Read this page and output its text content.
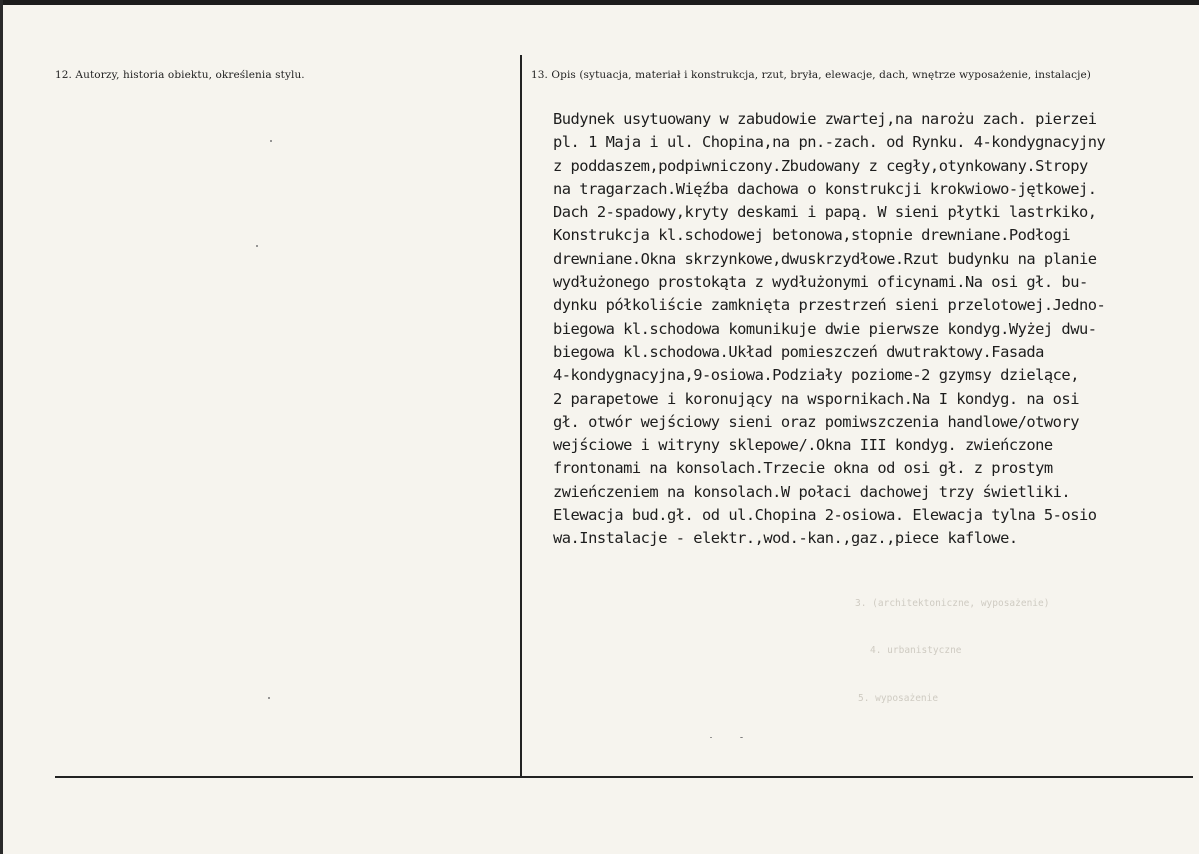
12. Autorzy, historia obiektu, określenia stylu.	13. Opis (sytuacja, materiał i konstrukcja, rzut, bryła, elewacje, dach, wnętrze wyposażenie, instalacje)
3. (architektoniczne, wyposażenie)
4. urbanistyczne
5. wyposażenie
Budynek usytuowany w zabudowie zwartej,na narożu zach. pierzei
pl. 1 Maja i ul. Chopina,na pn.-zach. od Rynku. 4-kondygnacyjny
z poddaszem,podpiwniczony.Zbudowany z cegły,otynkowany.Stropy
na tragarzach.Więźba dachowa o konstrukcji krokwiowo-jętkowej.
Dach 2-spadowy,kryty deskami i papą. W sieni płytki lastrkiko,
Konstrukcja kl.schodowej betonowa,stopnie drewniane.Podłogi
drewniane.Okna skrzynkowe,dwuskrzydłowe.Rzut budynku na planie
wydłużonego prostokąta z wydłużonymi oficynami.Na osi gł. bu-
dynku półkoliście zamknięta przestrzeń sieni przelotowej.Jedno-
biegowa kl.schodowa komunikuje dwie pierwsze kondyg.Wyżej dwu-
biegowa kl.schodowa.Układ pomieszczeń dwutraktowy.Fasada
4-kondygnacyjna,9-osiowa.Podziały poziome-2 gzymsy dzielące,
2 parapetowe i koronujący na wspornikach.Na I kondyg. na osi
gł. otwór wejściowy sieni oraz pomiwszczenia handlowe/otwory
wejściowe i witryny sklepowe/.Okna III kondyg. zwieńczone
frontonami na konsolach.Trzecie okna od osi gł. z prostym
zwieńczeniem na konsolach.W połaci dachowej trzy świetliki.
Elewacja bud.gł. od ul.Chopina 2-osiowa. Elewacja tylna 5-osio
wa.Instalacje - elektr.,wod.-kan.,gaz.,piece kaflowe.
